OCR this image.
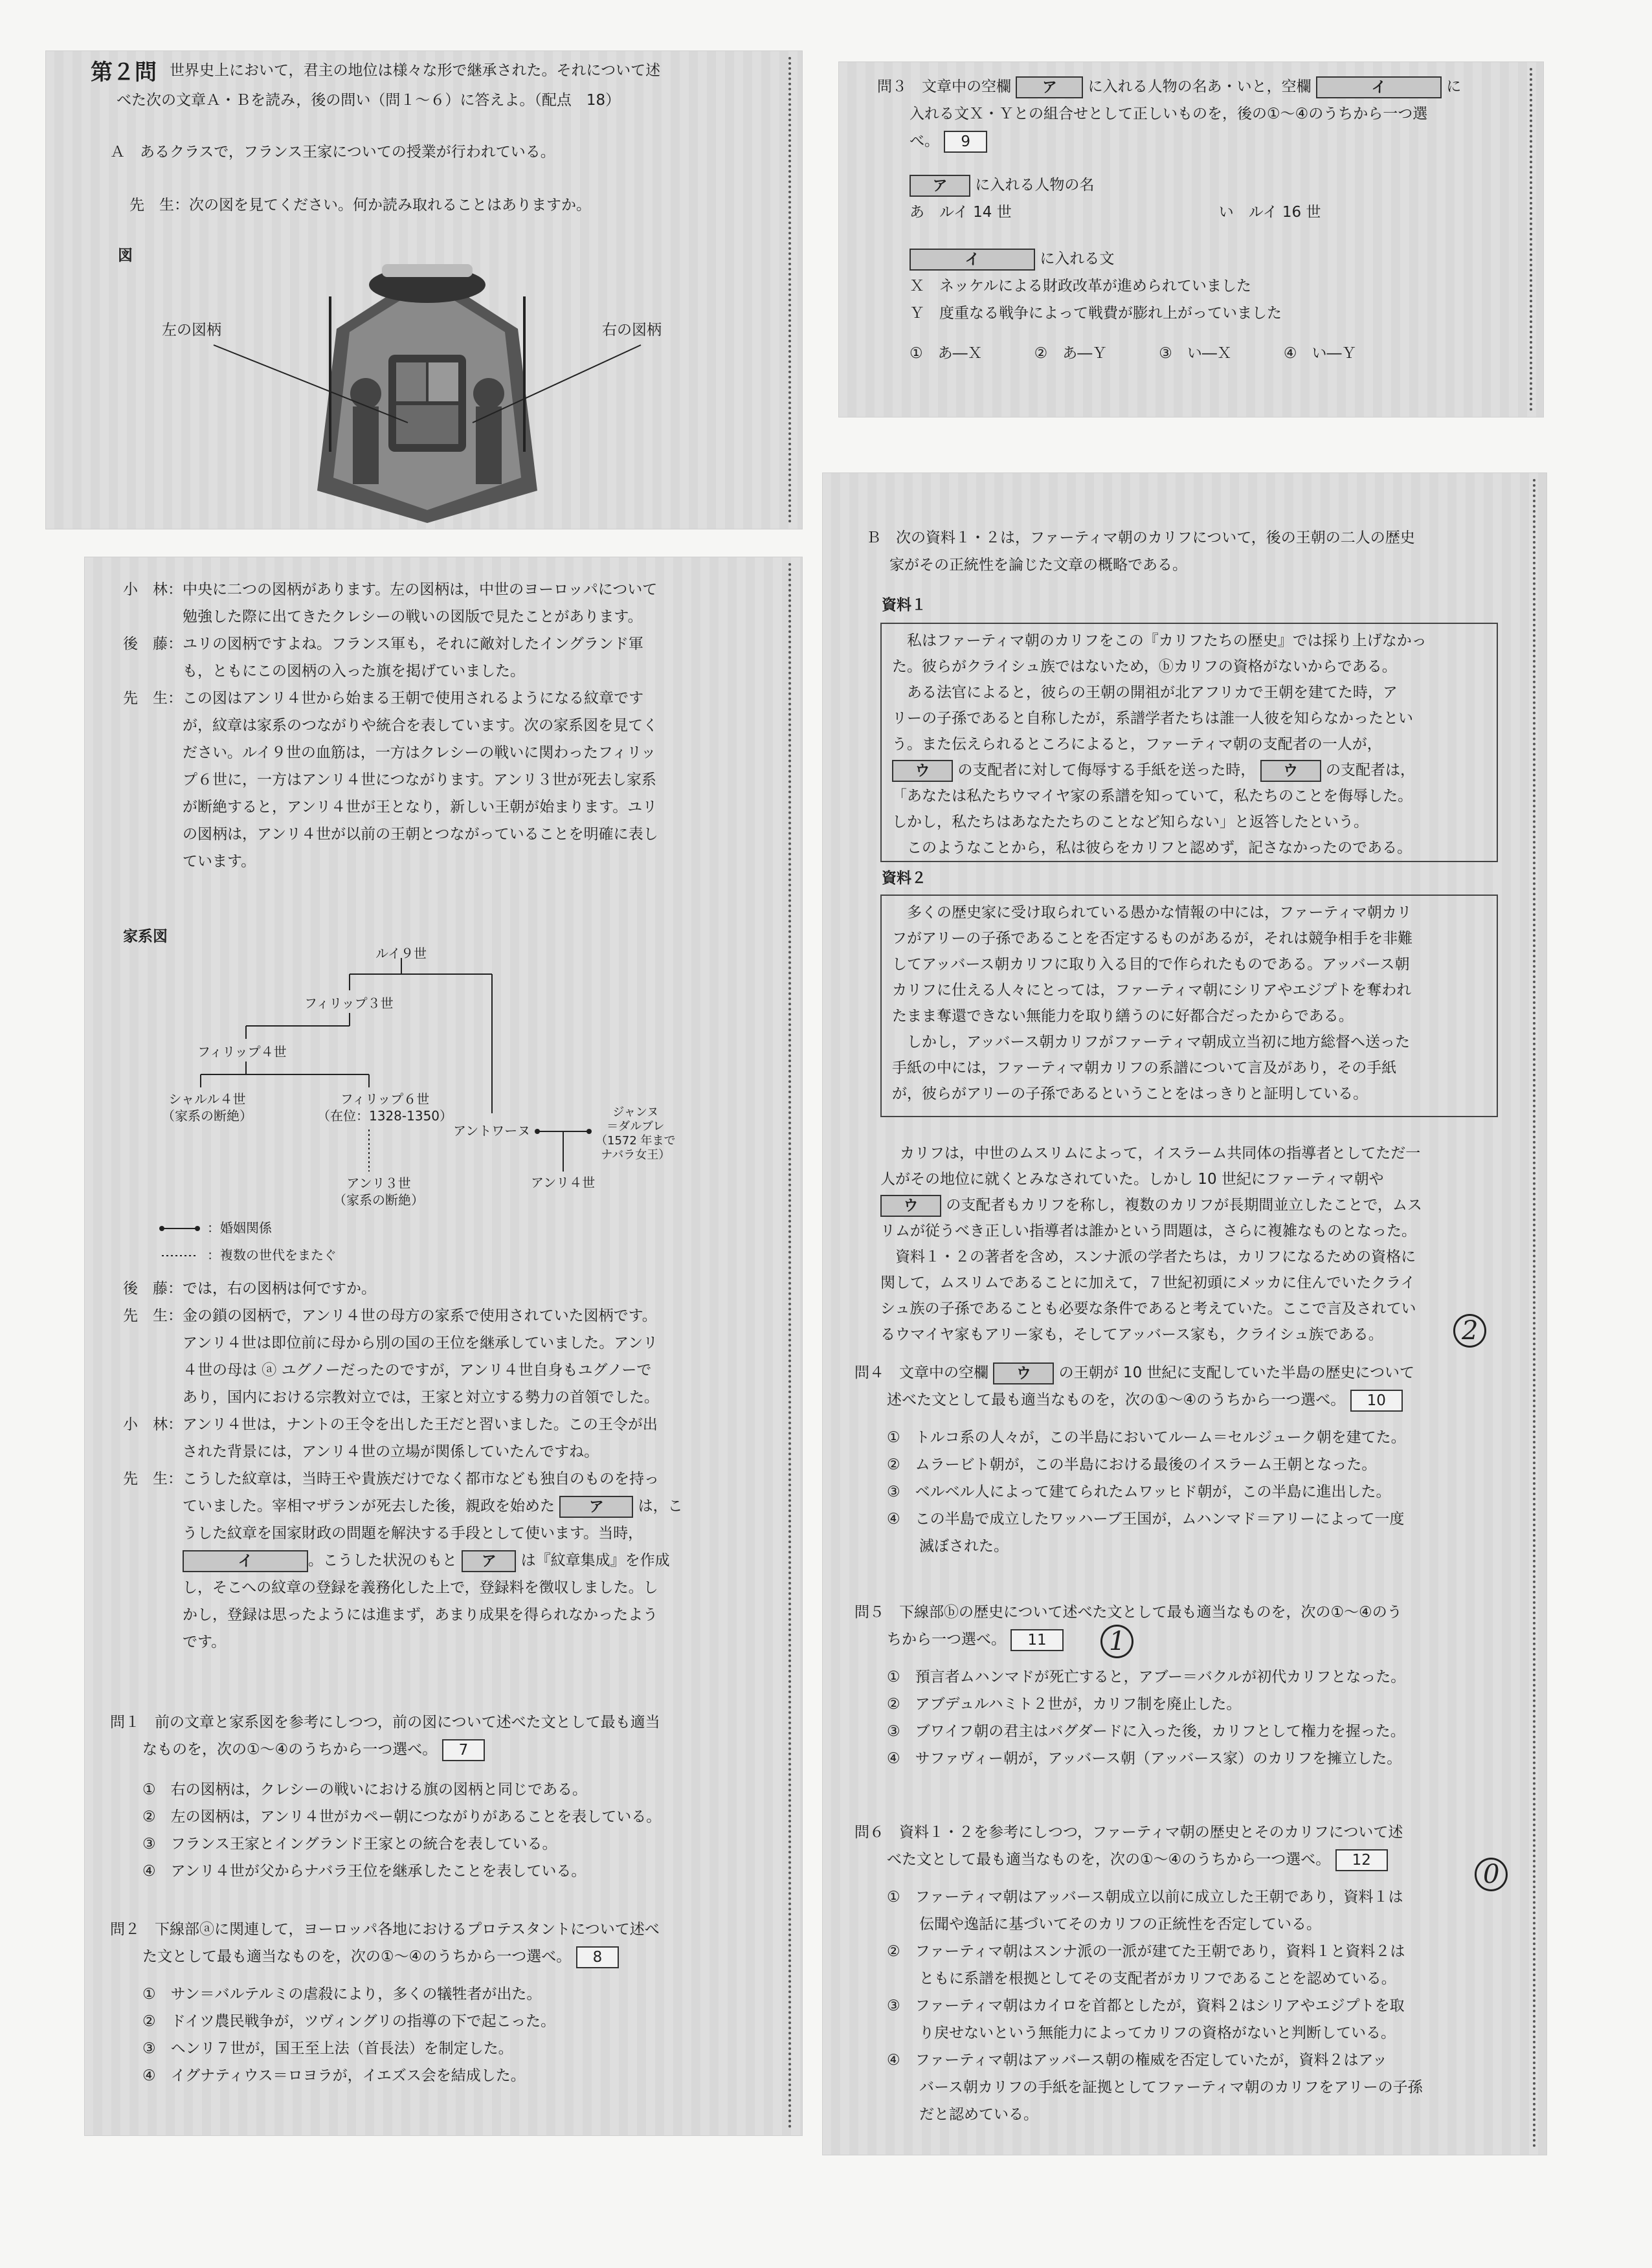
第２問 世界史上において，君主の地位は様々な形で継承された。それについて述
べた次の文章Ａ・Ｂを読み，後の問い（問１〜６）に答えよ。（配点　18）
Ａ　あるクラスで，フランス王家についての授業が行われている。
先　生：次の図を見てください。何か読み取れることはありますか。
図
左の図柄	右の図柄
小　林：中央に二つの図柄があります。左の図柄は，中世のヨーロッパについて
勉強した際に出てきたクレシーの戦いの図版で見たことがあります。
後　藤：ユリの図柄ですよね。フランス軍も，それに敵対したイングランド軍
も，ともにこの図柄の入った旗を掲げていました。
先　生：この図はアンリ４世から始まる王朝で使用されるようになる紋章です
が，紋章は家系のつながりや統合を表しています。次の家系図を見てく
ださい。ルイ９世の血筋は，一方はクレシーの戦いに関わったフィリッ
プ６世に，一方はアンリ４世につながります。アンリ３世が死去し家系
が断絶すると，アンリ４世が王となり，新しい王朝が始まります。ユリ
の図柄は，アンリ４世が以前の王朝とつながっていることを明確に表し
ています。
家系図
ルイ９世
フィリップ３世
フィリップ４世
シャルル４世
（家系の断絶）
フィリップ６世
（在位：1328-1350）
アンリ３世
（家系の断絶）
アントワーヌ
ジャンヌ
＝ダルブレ
（1572 年まで
ナバラ女王）
アンリ４世
：婚姻関係
：複数の世代をまたぐ
後　藤：では，右の図柄は何ですか。
先　生：金の鎖の図柄で，アンリ４世の母方の家系で使用されていた図柄です。
アンリ４世は即位前に母から別の国の王位を継承していました。アンリ
４世の母は ⓐ ユグノーだったのですが，アンリ４世自身もユグノーで
あり，国内における宗教対立では，王家と対立する勢力の首領でした。
小　林：アンリ４世は，ナントの王令を出した王だと習いました。この王令が出
された背景には，アンリ４世の立場が関係していたんですね。
先　生：こうした紋章は，当時王や貴族だけでなく都市なども独自のものを持っ
ていました。宰相マザランが死去した後，親政を始めた ア は，こ
うした紋章を国家財政の問題を解決する手段として使います。当時，
イ	。こうした状況のもと ア は『紋章集成』を作成
し，そこへの紋章の登録を義務化した上で，登録料を徴収しました。し
かし，登録は思ったようには進まず，あまり成果を得られなかったよう
です。
問１　前の文章と家系図を参考にしつつ，前の図について述べた文として最も適当
なものを，次の①〜④のうちから一つ選べ。 7
①　右の図柄は，クレシーの戦いにおける旗の図柄と同じである。
②　左の図柄は，アンリ４世がカペー朝につながりがあることを表している。
③　フランス王家とイングランド王家との統合を表している。
④　アンリ４世が父からナバラ王位を継承したことを表している。
問２　下線部ⓐに関連して，ヨーロッパ各地におけるプロテスタントについて述べ
た文として最も適当なものを，次の①〜④のうちから一つ選べ。 8
①　サン＝バルテルミの虐殺により，多くの犠牲者が出た。
②　ドイツ農民戦争が，ツヴィングリの指導の下で起こった。
③　ヘンリ７世が，国王至上法（首長法）を制定した。
④　イグナティウス＝ロヨラが，イエズス会を結成した。
問３　文章中の空欄 ア に入れる人物の名あ・いと，空欄	イ	に
入れる文Ｘ・Ｙとの組合せとして正しいものを，後の①〜④のうちから一つ選
べ。 9
ア に入れる人物の名
あ　ルイ 14 世	い　ルイ 16 世
イ	に入れる文
Ｘ　ネッケルによる財政改革が進められていました
Ｙ　度重なる戦争によって戦費が膨れ上がっていました
①　あ―Ｘ	②　あ―Ｙ	③　い―Ｘ	④　い―Ｙ
Ｂ　次の資料１・２は，ファーティマ朝のカリフについて，後の王朝の二人の歴史
家がその正統性を論じた文章の概略である。
資料１
　私はファーティマ朝のカリフをこの『カリフたちの歴史』では採り上げなかっ
た。彼らがクライシュ族ではないため，ⓑカリフの資格がないからである。
　ある法官によると，彼らの王朝の開祖が北アフリカで王朝を建てた時，ア
リーの子孫であると自称したが，系譜学者たちは誰一人彼を知らなかったとい
う。また伝えられるところによると，ファーティマ朝の支配者の一人が，
ウ の支配者に対して侮辱する手紙を送った時， ウ の支配者は，
「あなたは私たちウマイヤ家の系譜を知っていて，私たちのことを侮辱した。
しかし，私たちはあなたたちのことなど知らない」と返答したという。
　このようなことから，私は彼らをカリフと認めず，記さなかったのである。
資料２
　多くの歴史家に受け取られている愚かな情報の中には，ファーティマ朝カリ
フがアリーの子孫であることを否定するものがあるが，それは競争相手を非難
してアッバース朝カリフに取り入る目的で作られたものである。アッバース朝
カリフに仕える人々にとっては，ファーティマ朝にシリアやエジプトを奪われ
たまま奪還できない無能力を取り繕うのに好都合だったからである。
　しかし，アッバース朝カリフがファーティマ朝成立当初に地方総督へ送った
手紙の中には，ファーティマ朝カリフの系譜について言及があり，その手紙
が，彼らがアリーの子孫であるということをはっきりと証明している。
カリフは，中世のムスリムによって，イスラーム共同体の指導者としてただ一
人がその地位に就くとみなされていた。しかし 10 世紀にファーティマ朝や
ウ の支配者もカリフを称し，複数のカリフが長期間並立したことで，ムス
リムが従うべき正しい指導者は誰かという問題は，さらに複雑なものとなった。
　資料１・２の著者を含め，スンナ派の学者たちは，カリフになるための資格に
関して，ムスリムであることに加えて，７世紀初頭にメッカに住んでいたクライ
シュ族の子孫であることも必要な条件であると考えていた。ここで言及されてい
るウマイヤ家もアリー家も，そしてアッバース家も，クライシュ族である。	2
問４　文章中の空欄 ウ の王朝が 10 世紀に支配していた半島の歴史について
述べた文として最も適当なものを，次の①〜④のうちから一つ選べ。 10
①　トルコ系の人々が，この半島においてルーム＝セルジューク朝を建てた。
②　ムラービト朝が，この半島における最後のイスラーム王朝となった。
③　ベルベル人によって建てられたムワッヒド朝が，この半島に進出した。
④　この半島で成立したワッハーブ王国が，ムハンマド＝アリーによって一度
滅ぼされた。
1
問５　下線部ⓑの歴史について述べた文として最も適当なものを，次の①〜④のう
ちから一つ選べ。 11
①　預言者ムハンマドが死亡すると，アブー＝バクルが初代カリフとなった。
②　アブデュルハミト２世が，カリフ制を廃止した。
③　ブワイフ朝の君主はバグダードに入った後，カリフとして権力を握った。
④　サファヴィー朝が，アッバース朝（アッバース家）のカリフを擁立した。
0
問６　資料１・２を参考にしつつ，ファーティマ朝の歴史とそのカリフについて述
べた文として最も適当なものを，次の①〜④のうちから一つ選べ。 12
①　ファーティマ朝はアッバース朝成立以前に成立した王朝であり，資料１は
伝聞や逸話に基づいてそのカリフの正統性を否定している。
②　ファーティマ朝はスンナ派の一派が建てた王朝であり，資料１と資料２は
ともに系譜を根拠としてその支配者がカリフであることを認めている。
③　ファーティマ朝はカイロを首都としたが，資料２はシリアやエジプトを取
り戻せないという無能力によってカリフの資格がないと判断している。
④　ファーティマ朝はアッバース朝の権威を否定していたが，資料２はアッ
バース朝カリフの手紙を証拠としてファーティマ朝のカリフをアリーの子孫
だと認めている。
